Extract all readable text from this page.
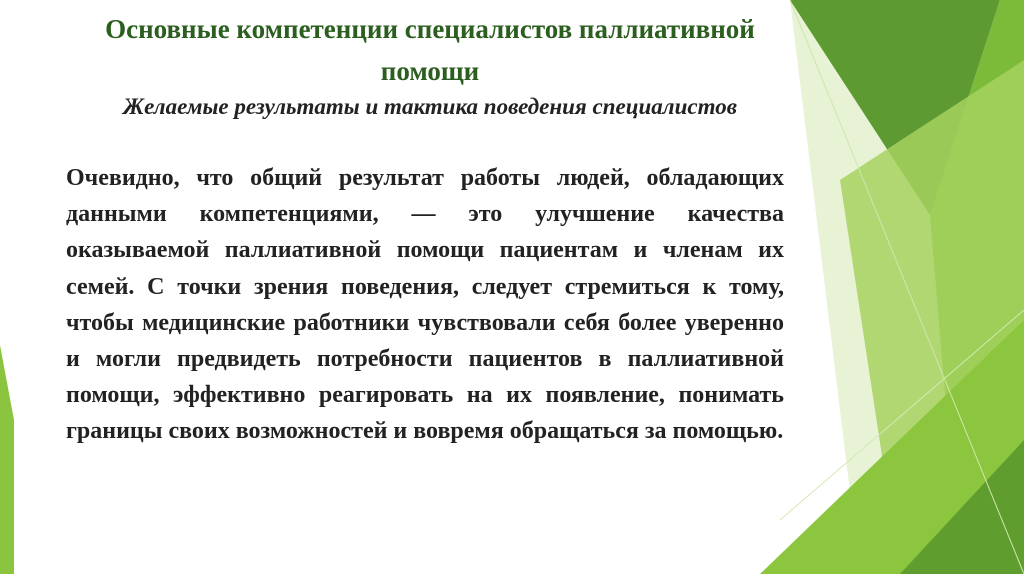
Основные компетенции специалистов паллиативной помощи
Желаемые результаты и тактика поведения специалистов

Очевидно, что общий результат работы людей, обладающих данными компетенциями, — это улучшение качества оказываемой паллиативной помощи пациентам и членам их семей. С точки зрения поведения, следует стремиться к тому, чтобы медицинские работники чувствовали себя более уверенно и могли предвидеть потребности пациентов в паллиативной помощи, эффективно реагировать на их появление, понимать границы своих возможностей и вовремя обращаться за помощью.
